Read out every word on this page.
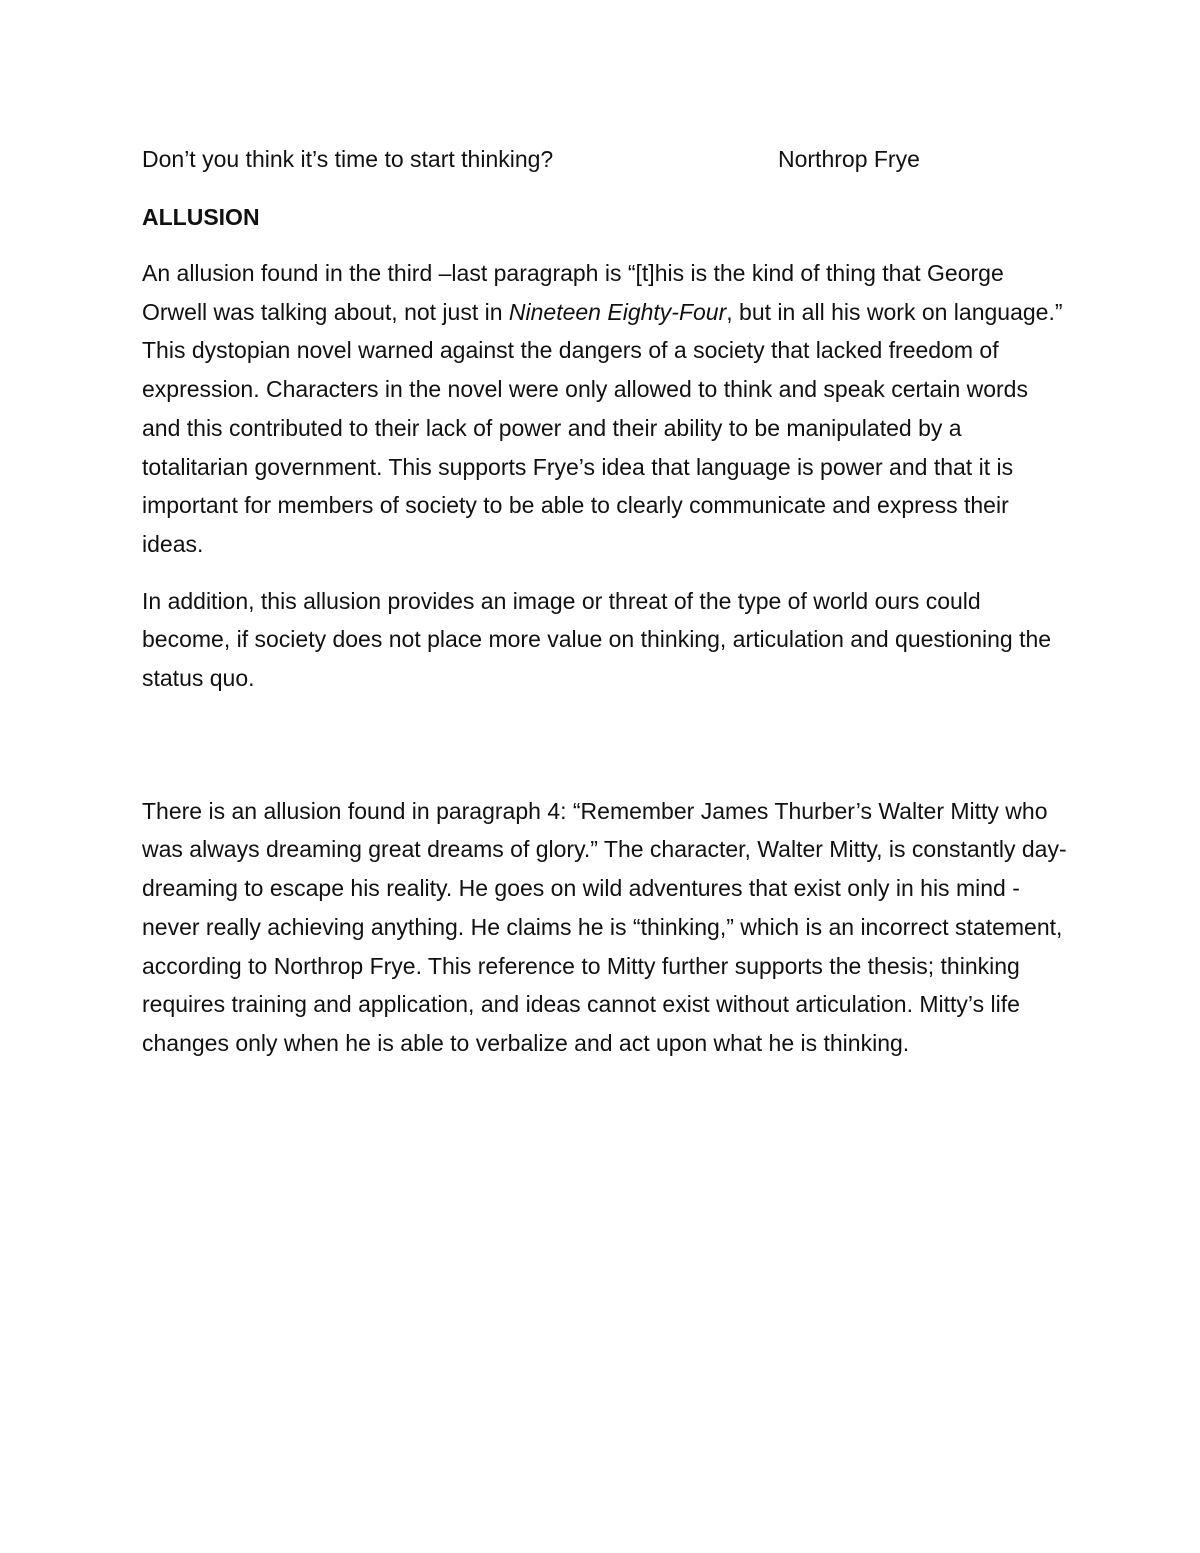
Don’t you think it’s time to start thinking?	Northrop Frye
ALLUSION

An allusion found in the third –last paragraph is “[t]his is the kind of thing that George Orwell was talking about, not just in Nineteen Eighty-Four, but in all his work on language.” This dystopian novel warned against the dangers of a society that lacked freedom of expression. Characters in the novel were only allowed to think and speak certain words and this contributed to their lack of power and their ability to be manipulated by a totalitarian government. This supports Frye’s idea that language is power and that it is important for members of society to be able to clearly communicate and express their ideas.

In addition, this allusion provides an image or threat of the type of world ours could become, if society does not place more value on thinking, articulation and questioning the status quo.

There is an allusion found in paragraph 4: “Remember James Thurber’s Walter Mitty who was always dreaming great dreams of glory.” The character, Walter Mitty, is constantly day-dreaming to escape his reality. He goes on wild adventures that exist only in his mind - never really achieving anything. He claims he is “thinking,” which is an incorrect statement, according to Northrop Frye. This reference to Mitty further supports the thesis; thinking requires training and application, and ideas cannot exist without articulation. Mitty’s life changes only when he is able to verbalize and act upon what he is thinking.
